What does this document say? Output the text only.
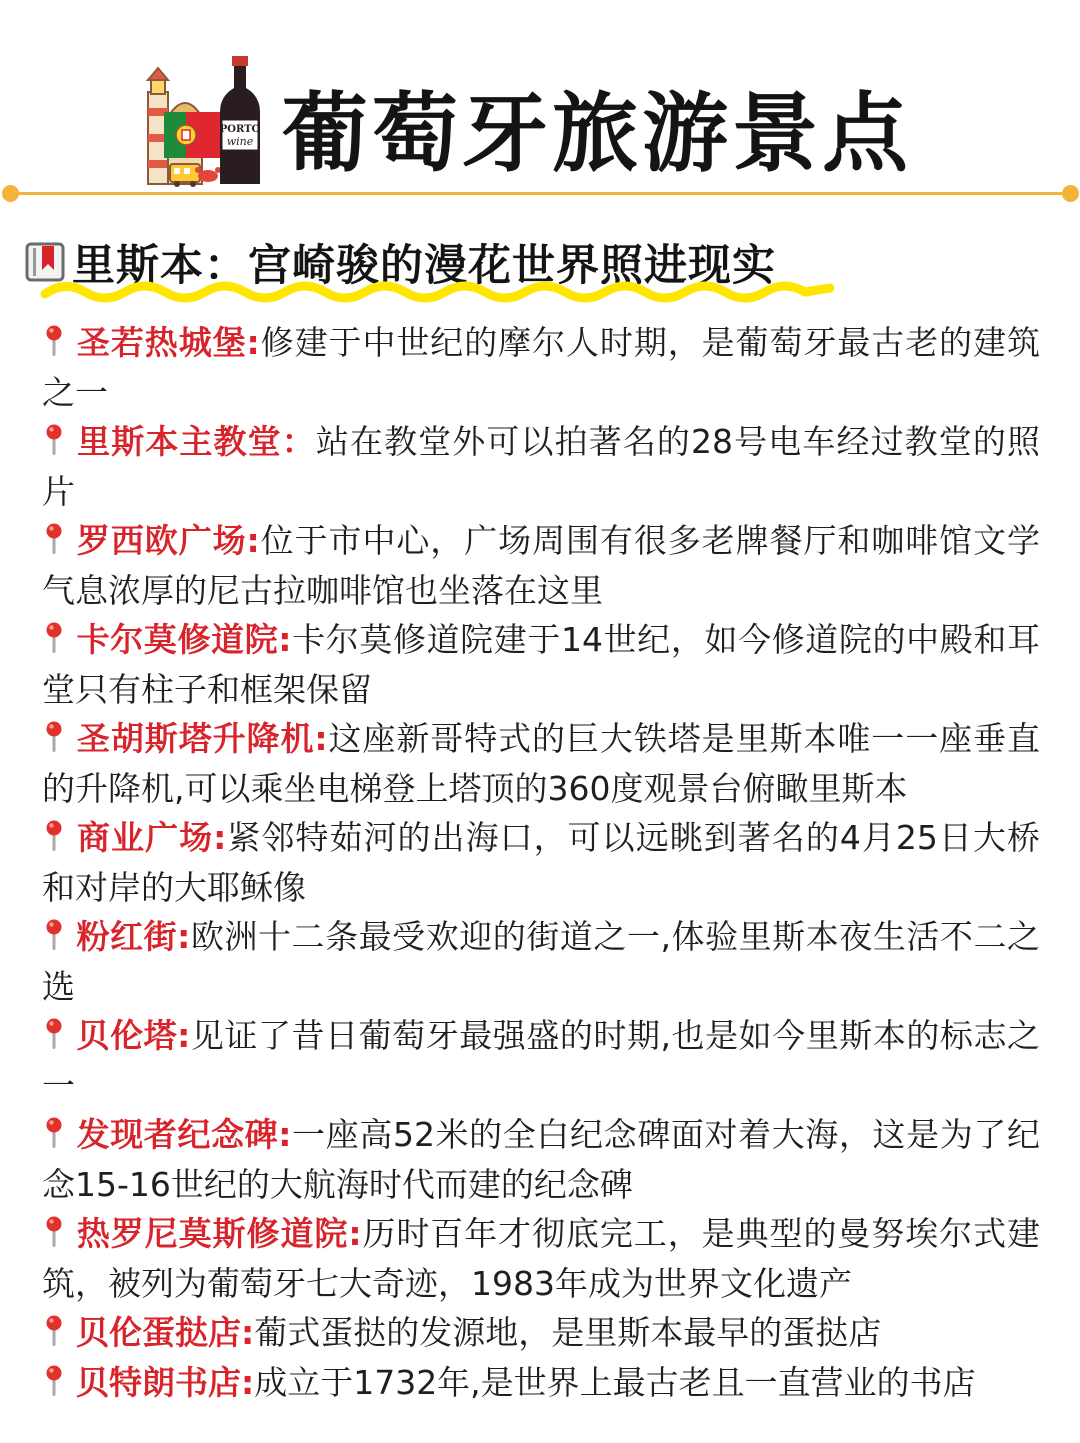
PORTO
wine 葡萄牙旅游景点
里斯本：宫崎骏的漫花世界照进现实
圣若热城堡:修建于中世纪的摩尔人时期，是葡萄牙最古老的建筑之一
里斯本主教堂：站在教堂外可以拍著名的28号电车经过教堂的照片
罗西欧广场:位于市中心，广场周围有很多老牌餐厅和咖啡馆文学气息浓厚的尼古拉咖啡馆也坐落在这里
卡尔莫修道院:卡尔莫修道院建于14世纪，如今修道院的中殿和耳堂只有柱子和框架保留
圣胡斯塔升降机:这座新哥特式的巨大铁塔是里斯本唯一一座垂直的升降机,可以乘坐电梯登上塔顶的360度观景台俯瞰里斯本
商业广场:紧邻特茹河的出海口，可以远眺到著名的4月25日大桥和对岸的大耶稣像
粉红街:欧洲十二条最受欢迎的街道之一,体验里斯本夜生活不二之选
贝伦塔:见证了昔日葡萄牙最强盛的时期,也是如今里斯本的标志之一
发现者纪念碑:一座高52米的全白纪念碑面对着大海，这是为了纪念15-16世纪的大航海时代而建的纪念碑
热罗尼莫斯修道院:历时百年才彻底完工，是典型的曼努埃尔式建筑，被列为葡萄牙七大奇迹，1983年成为世界文化遗产
贝伦蛋挞店:葡式蛋挞的发源地，是里斯本最早的蛋挞店
贝特朗书店:成立于1732年,是世界上最古老且一直营业的书店
